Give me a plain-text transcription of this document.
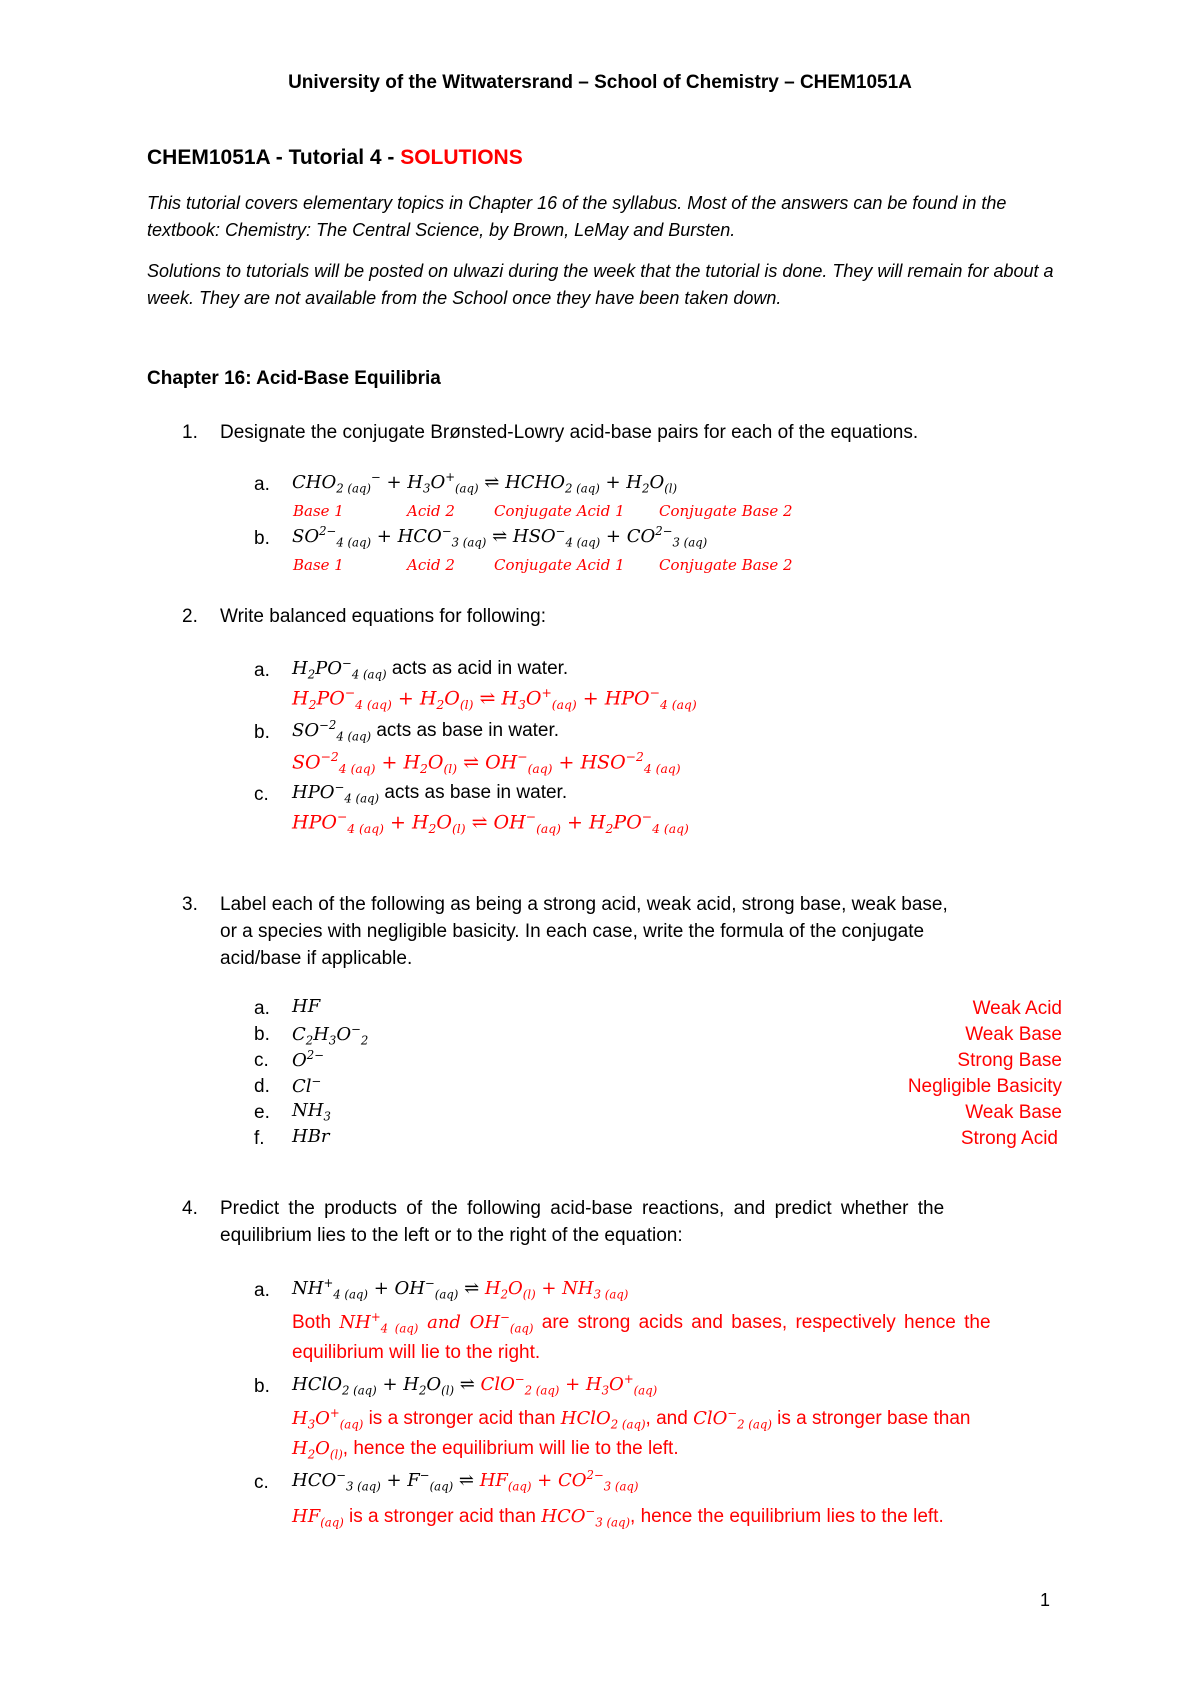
University of the Witwatersrand – School of Chemistry – CHEM1051A
CHEM1051A - Tutorial 4 - SOLUTIONS
This tutorial covers elementary topics in Chapter 16 of the syllabus. Most of the answers can be found in the textbook: Chemistry: The Central Science, by Brown, LeMay and Bursten.
Solutions to tutorials will be posted on ulwazi during the week that the tutorial is done. They will remain for about a week. They are not available from the School once they have been taken down.
Chapter 16: Acid-Base Equilibria
1. Designate the conjugate Brønsted-Lowry acid-base pairs for each of the equations.
a. $CHO_{2 (aq)}^- + H_3O^+_{(aq)}$ ⇌ $HCHO_{2 (aq)} + H_2O_{(l)}$
Base 1	Acid 2	Conjugate Acid 1 Conjugate Base 2
b. $SO^{2-}_{4 (aq)} + HCO^-_{3 (aq)}$ ⇌ $HSO^-_{4 (aq)} + CO^{2-}_{3 (aq)}$
Base 1	Acid 2	Conjugate Acid 1 Conjugate Base 2
2. Write balanced equations for following:
a. $H_2PO^-_{4 (aq)}$ acts as acid in water.
$H_2PO^-_{4 (aq)} + H_2O_{(l)}$ ⇌ $H_3O^+_{(aq)} + HPO^-_{4 (aq)}$
b. $SO^{-2}_{4 (aq)}$ acts as base in water.
$SO^{-2}_{4 (aq)} + H_2O_{(l)}$ ⇌ $OH^-_{(aq)} + HSO^{-2}_{4 (aq)}$
c. $HPO^-_{4 (aq)}$ acts as base in water.
$HPO^-_{4 (aq)} + H_2O_{(l)}$ ⇌ $OH^-_{(aq)} + H_2PO^-_{4 (aq)}$
3. Label each of the following as being a strong acid, weak acid, strong base, weak base,
or a species with negligible basicity. In each case, write the formula of the conjugate
acid/base if applicable.
a. HF	Weak Acid
b. $C_2H_3O^-_2$	Weak Base
c. $O^{2-}$	Strong Base
d. Cl−	Negligible Basicity
e. $NH_3$	Weak Base
f. HBr	Strong Acid
4. Predict the products of the following acid-base reactions, and predict whether the
equilibrium lies to the left or to the right of the equation:
a. $NH^+_{4 (aq)} + OH^-_{(aq)}$ ⇌ $H_2O_{(l)} + NH_{3 (aq)}$
Both $NH^+_{4 (aq)}$ and $OH^-_{(aq)}$ are strong acids and bases, respectively hence the
equilibrium will lie to the right.
b. HClO$_{2 (aq)}$ + $H_2O_{(l)}$ ⇌ $ClO^-_{2 (aq)} + H_3O^+_{(aq)}$
$H_3O^+_{(aq)}$ is a stronger acid than HClO$_{2 (aq)}$, and ClO−$_{2 (aq)}$ is a stronger base than
$H_2O_{(l)}$, hence the equilibrium will lie to the left.
c. $HCO^-_{3 (aq)} + F^-_{(aq)}$ ⇌ $HF_{(aq)} + CO^{2-}_{3 (aq)}$
$HF_{(aq)}$ is a stronger acid than $HCO^-_{3 (aq)}$, hence the equilibrium lies to the left.
1
